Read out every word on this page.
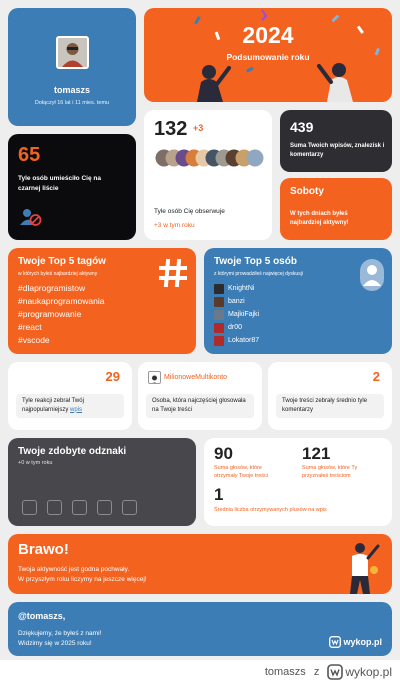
tomaszs
Dołączył 16 lat i 11 mies. temu
2024
Podsumowanie roku
65
Tyle osób umieściło Cię na czarnej liście
132 $^{+3}$
Tyle osób Cię obserwuje
+3 w tym roku
439
Suma Twoich wpisów, znalezisk i komentarzy
Soboty
W tych dniach byłeś najbardziej aktywny!
Twoje Top 5 tagów
w których byłeś najbardziej aktywny
#dlaprogramistow
#naukaprogramowania
#programowanie
#react
#vscode
Twoje Top 5 osób
z którymi prowadziłeś najwięcej dyskusji
KnightNi
banzi
MajkiFajki
dr00
Lokator87
29
Tyle reakcji zebrał Twój najpopularniejszy wpis
MilionoweMultikonto
Osoba, która najczęściej głosowała na Twoje treści
2
Twoje treści zebrały średnio tyle komentarzy
Twoje zdobyte odznaki
+0 w tym roku	90
Suma głosów, które otrzymały Twoje treści
121
Suma głosów, które Ty przyznałeś treściom
1
Średnia liczba otrzymywanych plusów na wpis
Brawo!
Twoja aktywność jest godna pochwały.
W przyszłym roku liczymy na jeszcze więcej!
@tomaszs,
Dziękujemy, że byłeś z nami!
Widzimy się w 2025 roku!	wykop.pl
tomaszs z wykop.pl
